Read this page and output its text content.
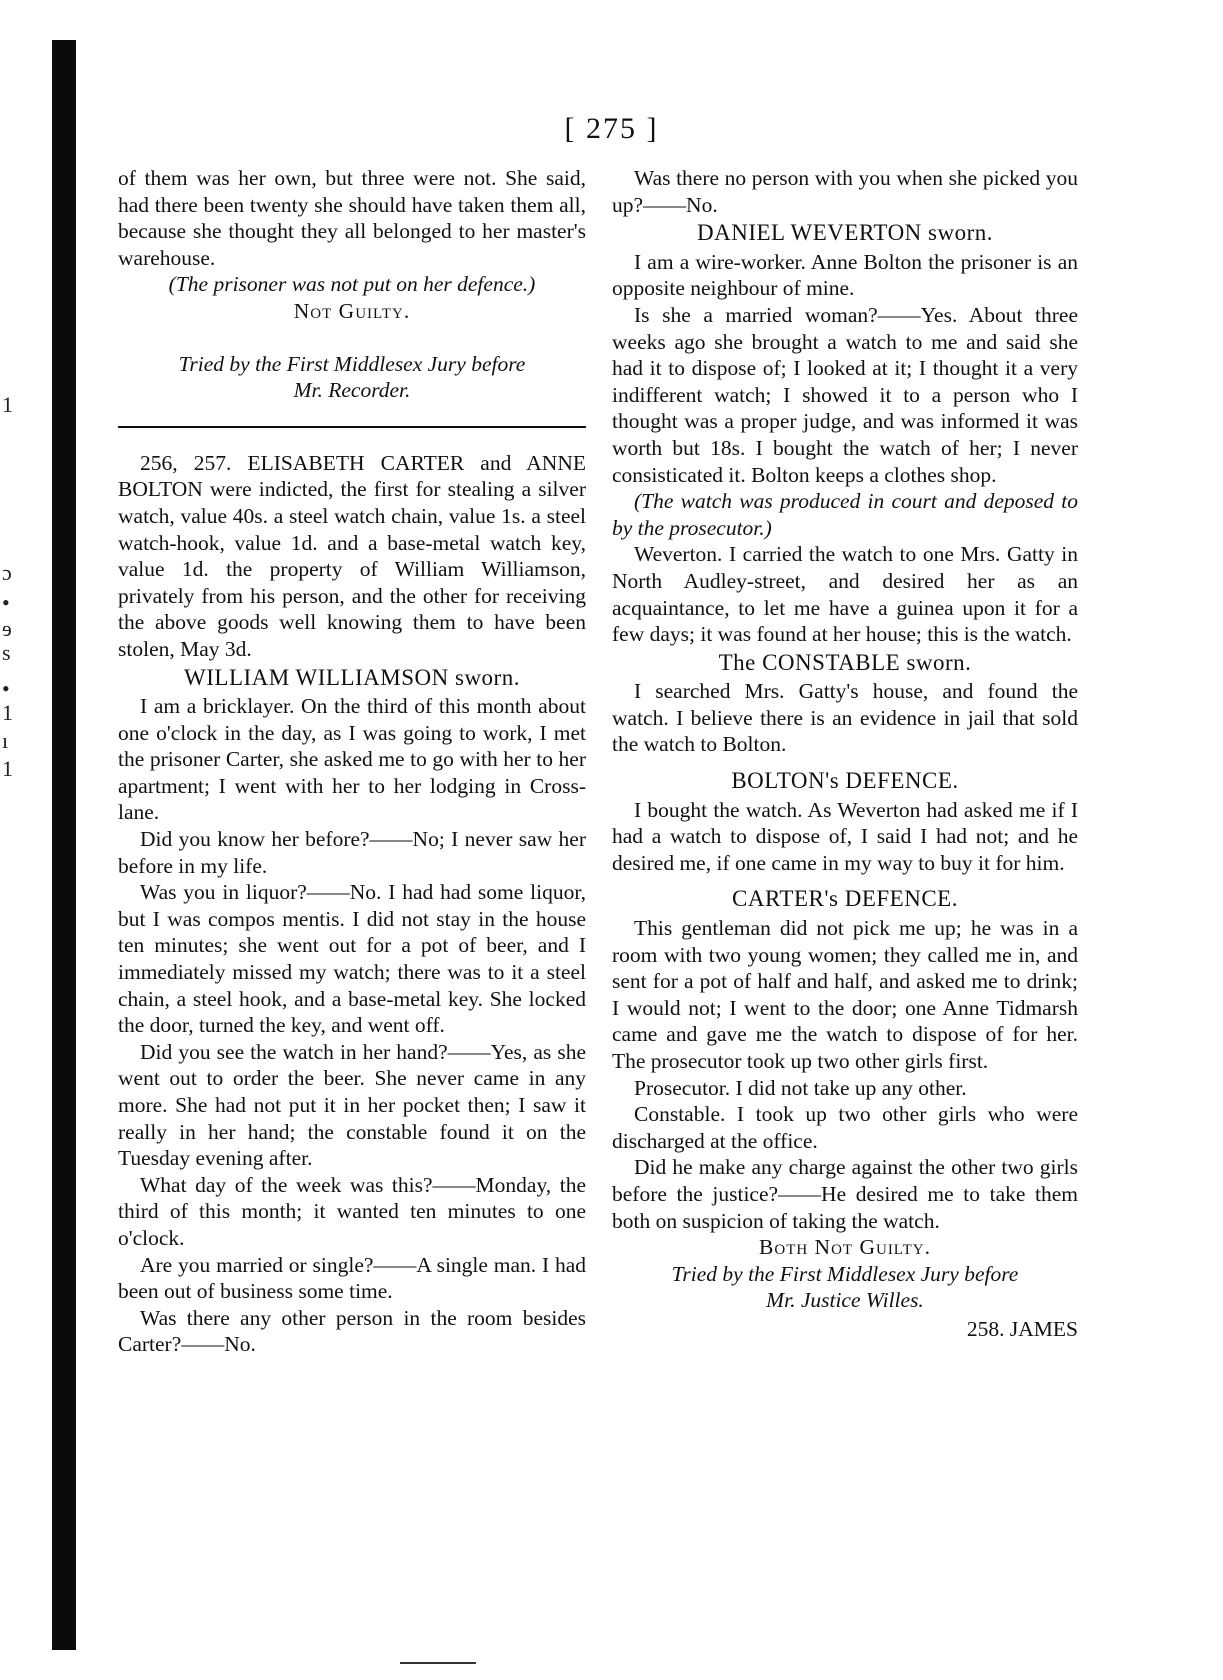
1
ɔ
•
ɘ
s
•
1
ı
1
[ 275 ]

of them was her own, but three were not. She said, had there been twenty she should have taken them all, because she thought they all belonged to her master's warehouse.

(The prisoner was not put on her defence.)

Not Guilty.

Tried by the First Middlesex Jury before

Mr. Recorder.

256, 257. ELISABETH CARTER and ANNE BOLTON were indicted, the first for stealing a silver watch, value 40s. a steel watch chain, value 1s. a steel watch-hook, value 1d. and a base-metal watch key, value 1d. the property of William Williamson, privately from his person, and the other for receiving the above goods well knowing them to have been stolen, May 3d.

WILLIAM WILLIAMSON sworn.

I am a bricklayer. On the third of this month about one o'clock in the day, as I was going to work, I met the prisoner Carter, she asked me to go with her to her apartment; I went with her to her lodging in Cross-lane.

Did you know her before?——No; I never saw her before in my life.

Was you in liquor?——No. I had had some liquor, but I was compos mentis. I did not stay in the house ten minutes; she went out for a pot of beer, and I immediately missed my watch; there was to it a steel chain, a steel hook, and a base-metal key. She locked the door, turned the key, and went off.

Did you see the watch in her hand?——Yes, as she went out to order the beer. She never came in any more. She had not put it in her pocket then; I saw it really in her hand; the constable found it on the Tuesday evening after.

What day of the week was this?——Monday, the third of this month; it wanted ten minutes to one o'clock.

Are you married or single?——A single man. I had been out of business some time.

Was there any other person in the room besides Carter?——No.

Was there no person with you when she picked you up?——No.

DANIEL WEVERTON sworn.

I am a wire-worker. Anne Bolton the prisoner is an opposite neighbour of mine.

Is she a married woman?——Yes. About three weeks ago she brought a watch to me and said she had it to dispose of; I looked at it; I thought it a very indifferent watch; I showed it to a person who I thought was a proper judge, and was informed it was worth but 18s. I bought the watch of her; I never consisticated it. Bolton keeps a clothes shop.

(The watch was produced in court and deposed to by the prosecutor.)

Weverton. I carried the watch to one Mrs. Gatty in North Audley-street, and desired her as an acquaintance, to let me have a guinea upon it for a few days; it was found at her house; this is the watch.

The CONSTABLE sworn.

I searched Mrs. Gatty's house, and found the watch. I believe there is an evidence in jail that sold the watch to Bolton.

BOLTON's DEFENCE.

I bought the watch. As Weverton had asked me if I had a watch to dispose of, I said I had not; and he desired me, if one came in my way to buy it for him.

CARTER's DEFENCE.

This gentleman did not pick me up; he was in a room with two young women; they called me in, and sent for a pot of half and half, and asked me to drink; I would not; I went to the door; one Anne Tidmarsh came and gave me the watch to dispose of for her. The prosecutor took up two other girls first.

Prosecutor. I did not take up any other.

Constable. I took up two other girls who were discharged at the office.

Did he make any charge against the other two girls before the justice?——He desired me to take them both on suspicion of taking the watch.

Both Not Guilty.

Tried by the First Middlesex Jury before

Mr. Justice Willes.

258. JAMES
